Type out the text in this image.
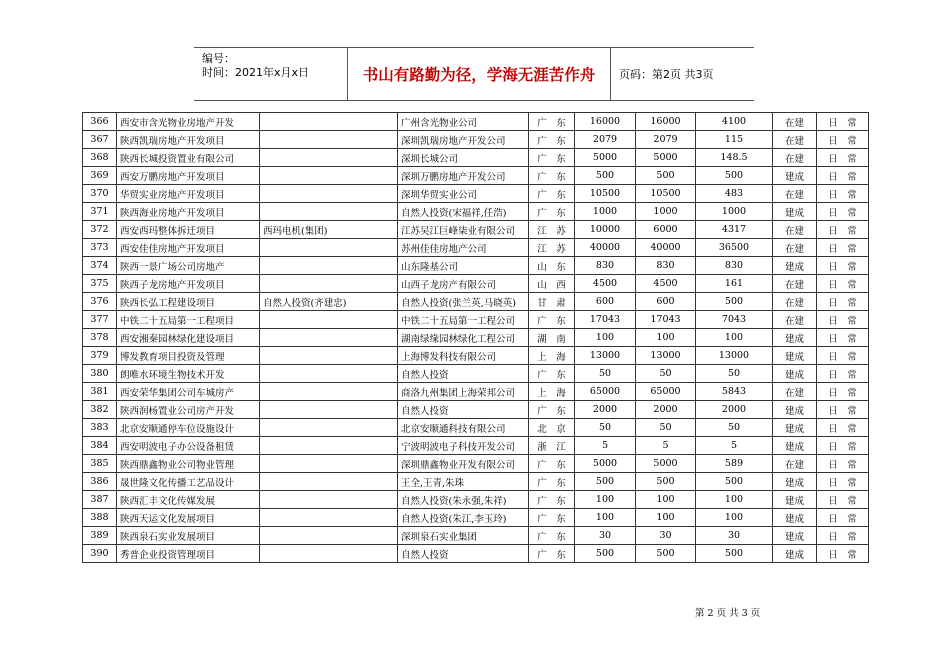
编号：
时间：2021年x月x日	书山有路勤为径，学海无涯苦作舟	页码：第2页 共3页
366	西安市含光物业房地产开发		广州含光物业公司	广　东	16000	16000	4100	在建	日　常
367	陕西凯瑞房地产开发项目		深圳凯瑞房地产开发公司	广　东	2079	2079	115	在建	日　常
368	陕西长城投资置业有限公司		深圳长城公司	广　东	5000	5000	148.5	在建	日　常
369	西安万鹏房地产开发项目		深圳万鹏房地产开发公司	广　东	500	500	500	建成	日　常
370	华贸实业房地产开发项目		深圳华贸实业公司	广　东	10500	10500	483	在建	日　常
371	陕西海业房地产开发项目		自然人投资(宋福祥,任浩)	广　东	1000	1000	1000	建成	日　常
372	西安西玛整体拆迁项目	西玛电机(集团)	江苏吴江巨峰柒业有限公司	江　苏	10000	6000	4317	在建	日　常
373	西安佳佳房地产开发项目		苏州佳佳房地产公司	江　苏	40000	40000	36500	在建	日　常
374	陕西一景广场公司房地产		山东隆基公司	山　东	830	830	830	建成	日　常
375	陕西子龙房地产开发项目		山西子龙房产有限公司	山　西	4500	4500	161	在建	日　常
376	陕西长弘工程建设项目	自然人投资(齐建忠)	自然人投资(张兰英,马晓英)	甘　肃	600	600	500	在建	日　常
377	中铁二十五局第一工程项目		中铁二十五局第一工程公司	广　东	17043	17043	7043	在建	日　常
378	西安湘秦园林绿化建设项目		湖南绿缘园林绿化工程公司	湖　南	100	100	100	建成	日　常
379	博发教育项目投资及管理		上海博发科技有限公司	上　海	13000	13000	13000	建成	日　常
380	朗唯水环境生物技术开发		自然人投资	广　东	50	50	50	建成	日　常
381	西安荣华集团公司车城房产		商洛九州集团上海荣邦公司	上　海	65000	65000	5843	在建	日　常
382	陕西润杨置业公司房产开发		自然人投资	广　东	2000	2000	2000	建成	日　常
383	北京安顺通停车位设施设计		北京安顺通科技有限公司	北　京	50	50	50	建成	日　常
384	西安明波电子办公设备租赁		宁波明波电子科技开发公司	浙　江	5	5	5	建成	日　常
385	陕西鼎鑫物业公司物业管理		深圳鼎鑫物业开发有限公司	广　东	5000	5000	589	在建	日　常
386	晟世隆文化传播工艺品设计		王全,王青,朱珠	广　东	500	500	500	建成	日　常
387	陕西汇丰文化传媒发展		自然人投资(朱永强,朱祥)	广　东	100	100	100	建成	日　常
388	陕西天运文化发展项目		自然人投资(朱江,李玉玲)	广　东	100	100	100	建成	日　常
389	陕西泉石实业发展项目		深圳泉石实业集团	广　东	30	30	30	建成	日　常
390	秀普企业投资管理项目		自然人投资	广　东	500	500	500	建成	日　常
第 2 页 共 3 页
